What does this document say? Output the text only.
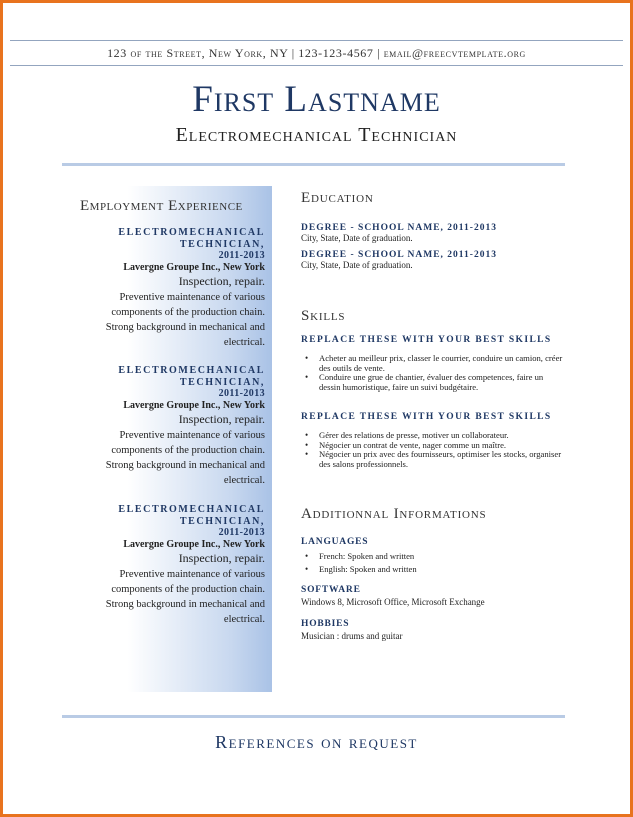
123 of the Street, New York, NY | 123-123-4567 | email@freecvtemplate.org
First Lastname
Electromechanical Technician
Employment Experience
ELECTROMECHANICAL
TECHNICIAN,
2011-2013
Lavergne Groupe Inc., New York
Inspection, repair.
Preventive maintenance of various
components of the production chain.
Strong background in mechanical and
electrical.
ELECTROMECHANICAL
TECHNICIAN,
2011-2013
Lavergne Groupe Inc., New York
Inspection, repair.
Preventive maintenance of various
components of the production chain.
Strong background in mechanical and
electrical.
ELECTROMECHANICAL
TECHNICIAN,
2011-2013
Lavergne Groupe Inc., New York
Inspection, repair.
Preventive maintenance of various
components of the production chain.
Strong background in mechanical and
electrical.
Education
DEGREE - SCHOOL NAME, 2011-2013
City, State, Date of graduation.
DEGREE - SCHOOL NAME, 2011-2013
City, State, Date of graduation.
Skills
REPLACE THESE WITH YOUR BEST SKILLS
• Acheter au meilleur prix, classer le courrier, conduire un camion, créer des outils de vente.
• Conduire une grue de chantier, évaluer des competences, faire un dessin humoristique, faire un suivi budgétaire.
REPLACE THESE WITH YOUR BEST SKILLS
• Gérer des relations de presse, motiver un collaborateur.
• Négocier un contrat de vente, nager comme un maître.
• Négocier un prix avec des fournisseurs, optimiser les stocks, organiser des salons professionnels.
Additionnal Informations
LANGUAGES
• French: Spoken and written
• English: Spoken and written
SOFTWARE
Windows 8, Microsoft Office, Microsoft Exchange
HOBBIES
Musician : drums and guitar
References on request
